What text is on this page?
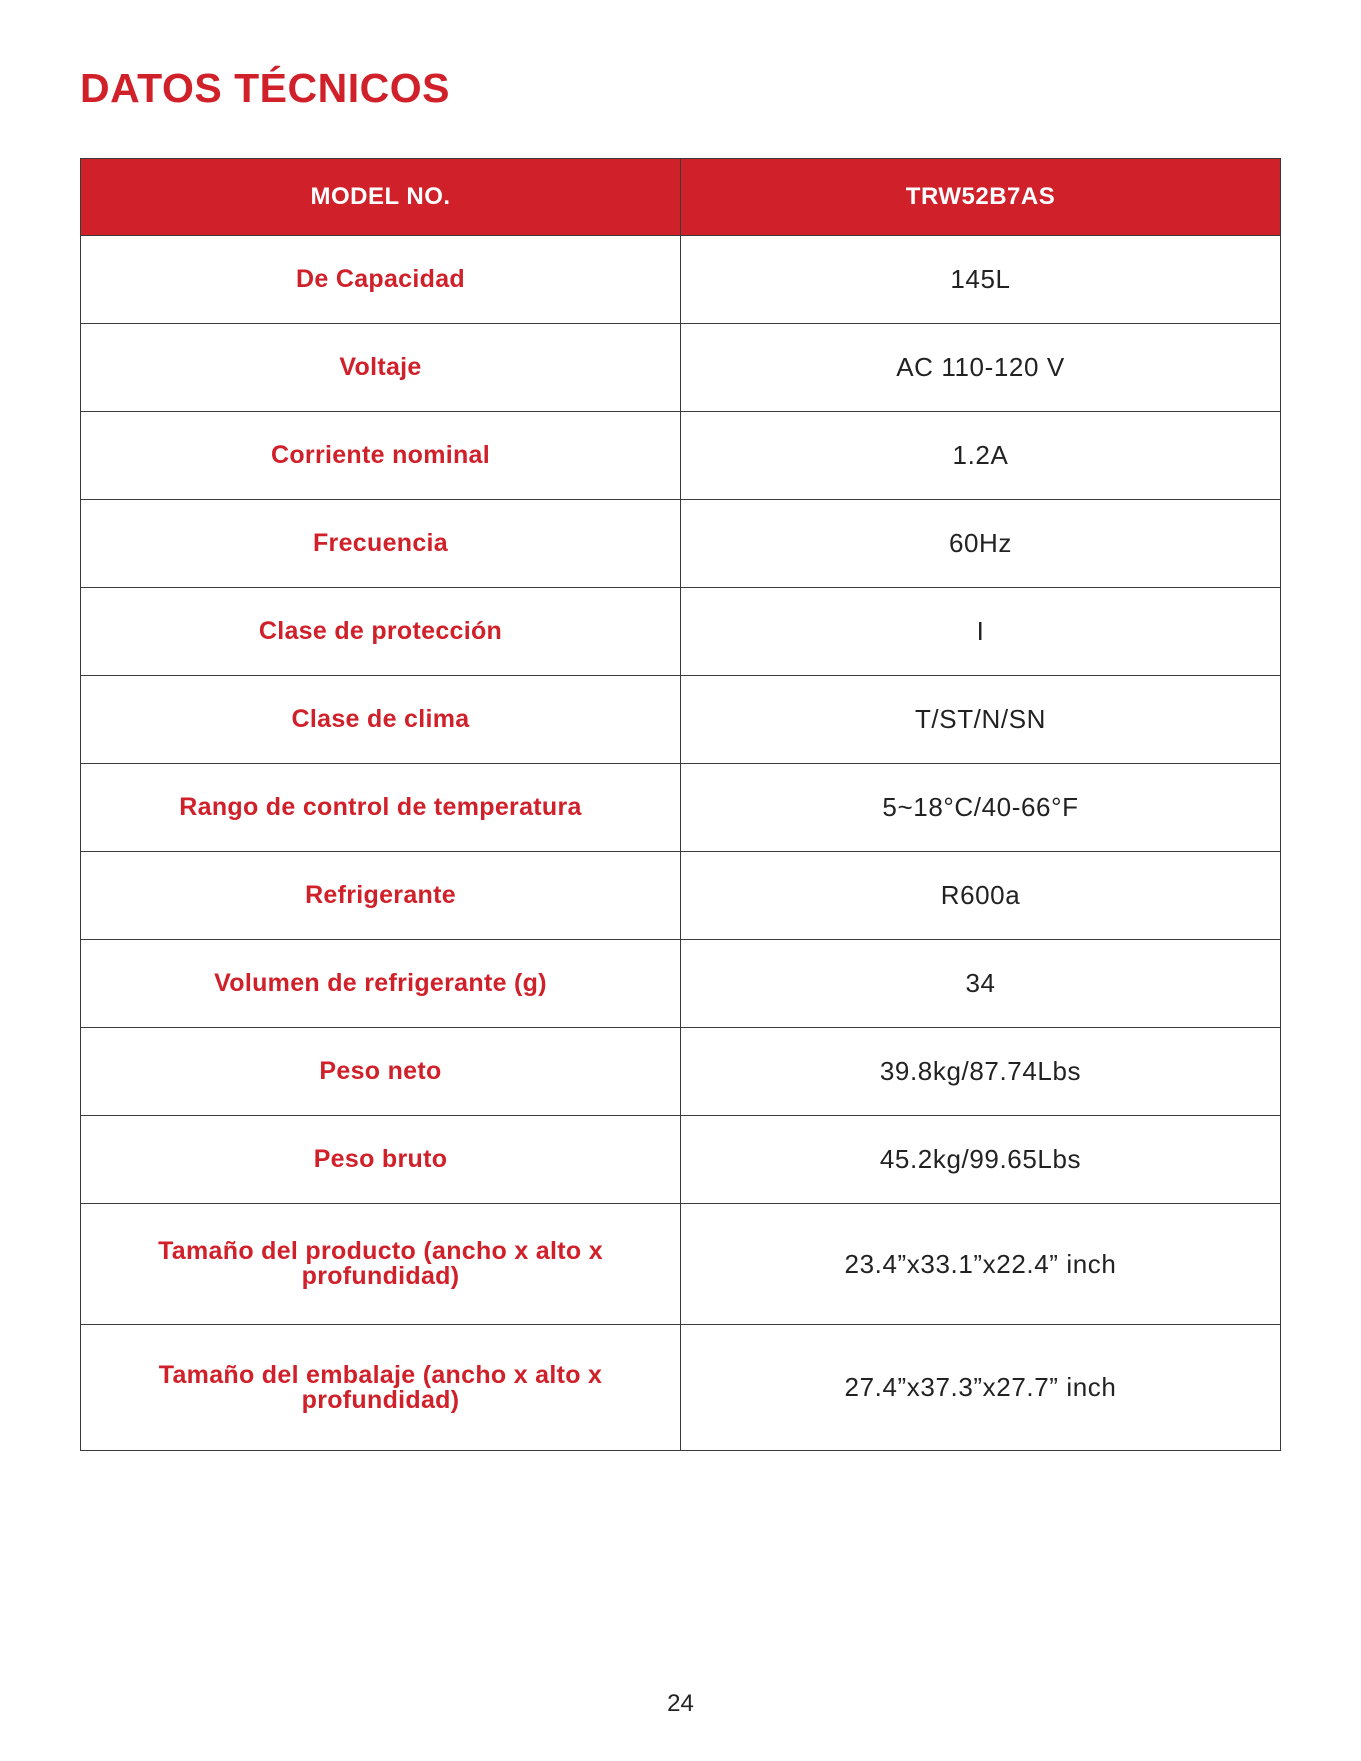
DATOS TÉCNICOS
MODEL NO.	TRW52B7AS
De Capacidad	145L
Voltaje	AC 110-120 V
Corriente nominal	1.2A
Frecuencia	60Hz
Clase de protección	I
Clase de clima	T/ST/N/SN
Rango de control de temperatura	5~18°C/40-66°F
Refrigerante	R600a
Volumen de refrigerante (g)	34
Peso neto	39.8kg/87.74Lbs
Peso bruto	45.2kg/99.65Lbs
Tamaño del producto (ancho x alto x profundidad)	23.4”x33.1”x22.4” inch
Tamaño del embalaje (ancho x alto x profundidad)	27.4”x37.3”x27.7” inch
24
